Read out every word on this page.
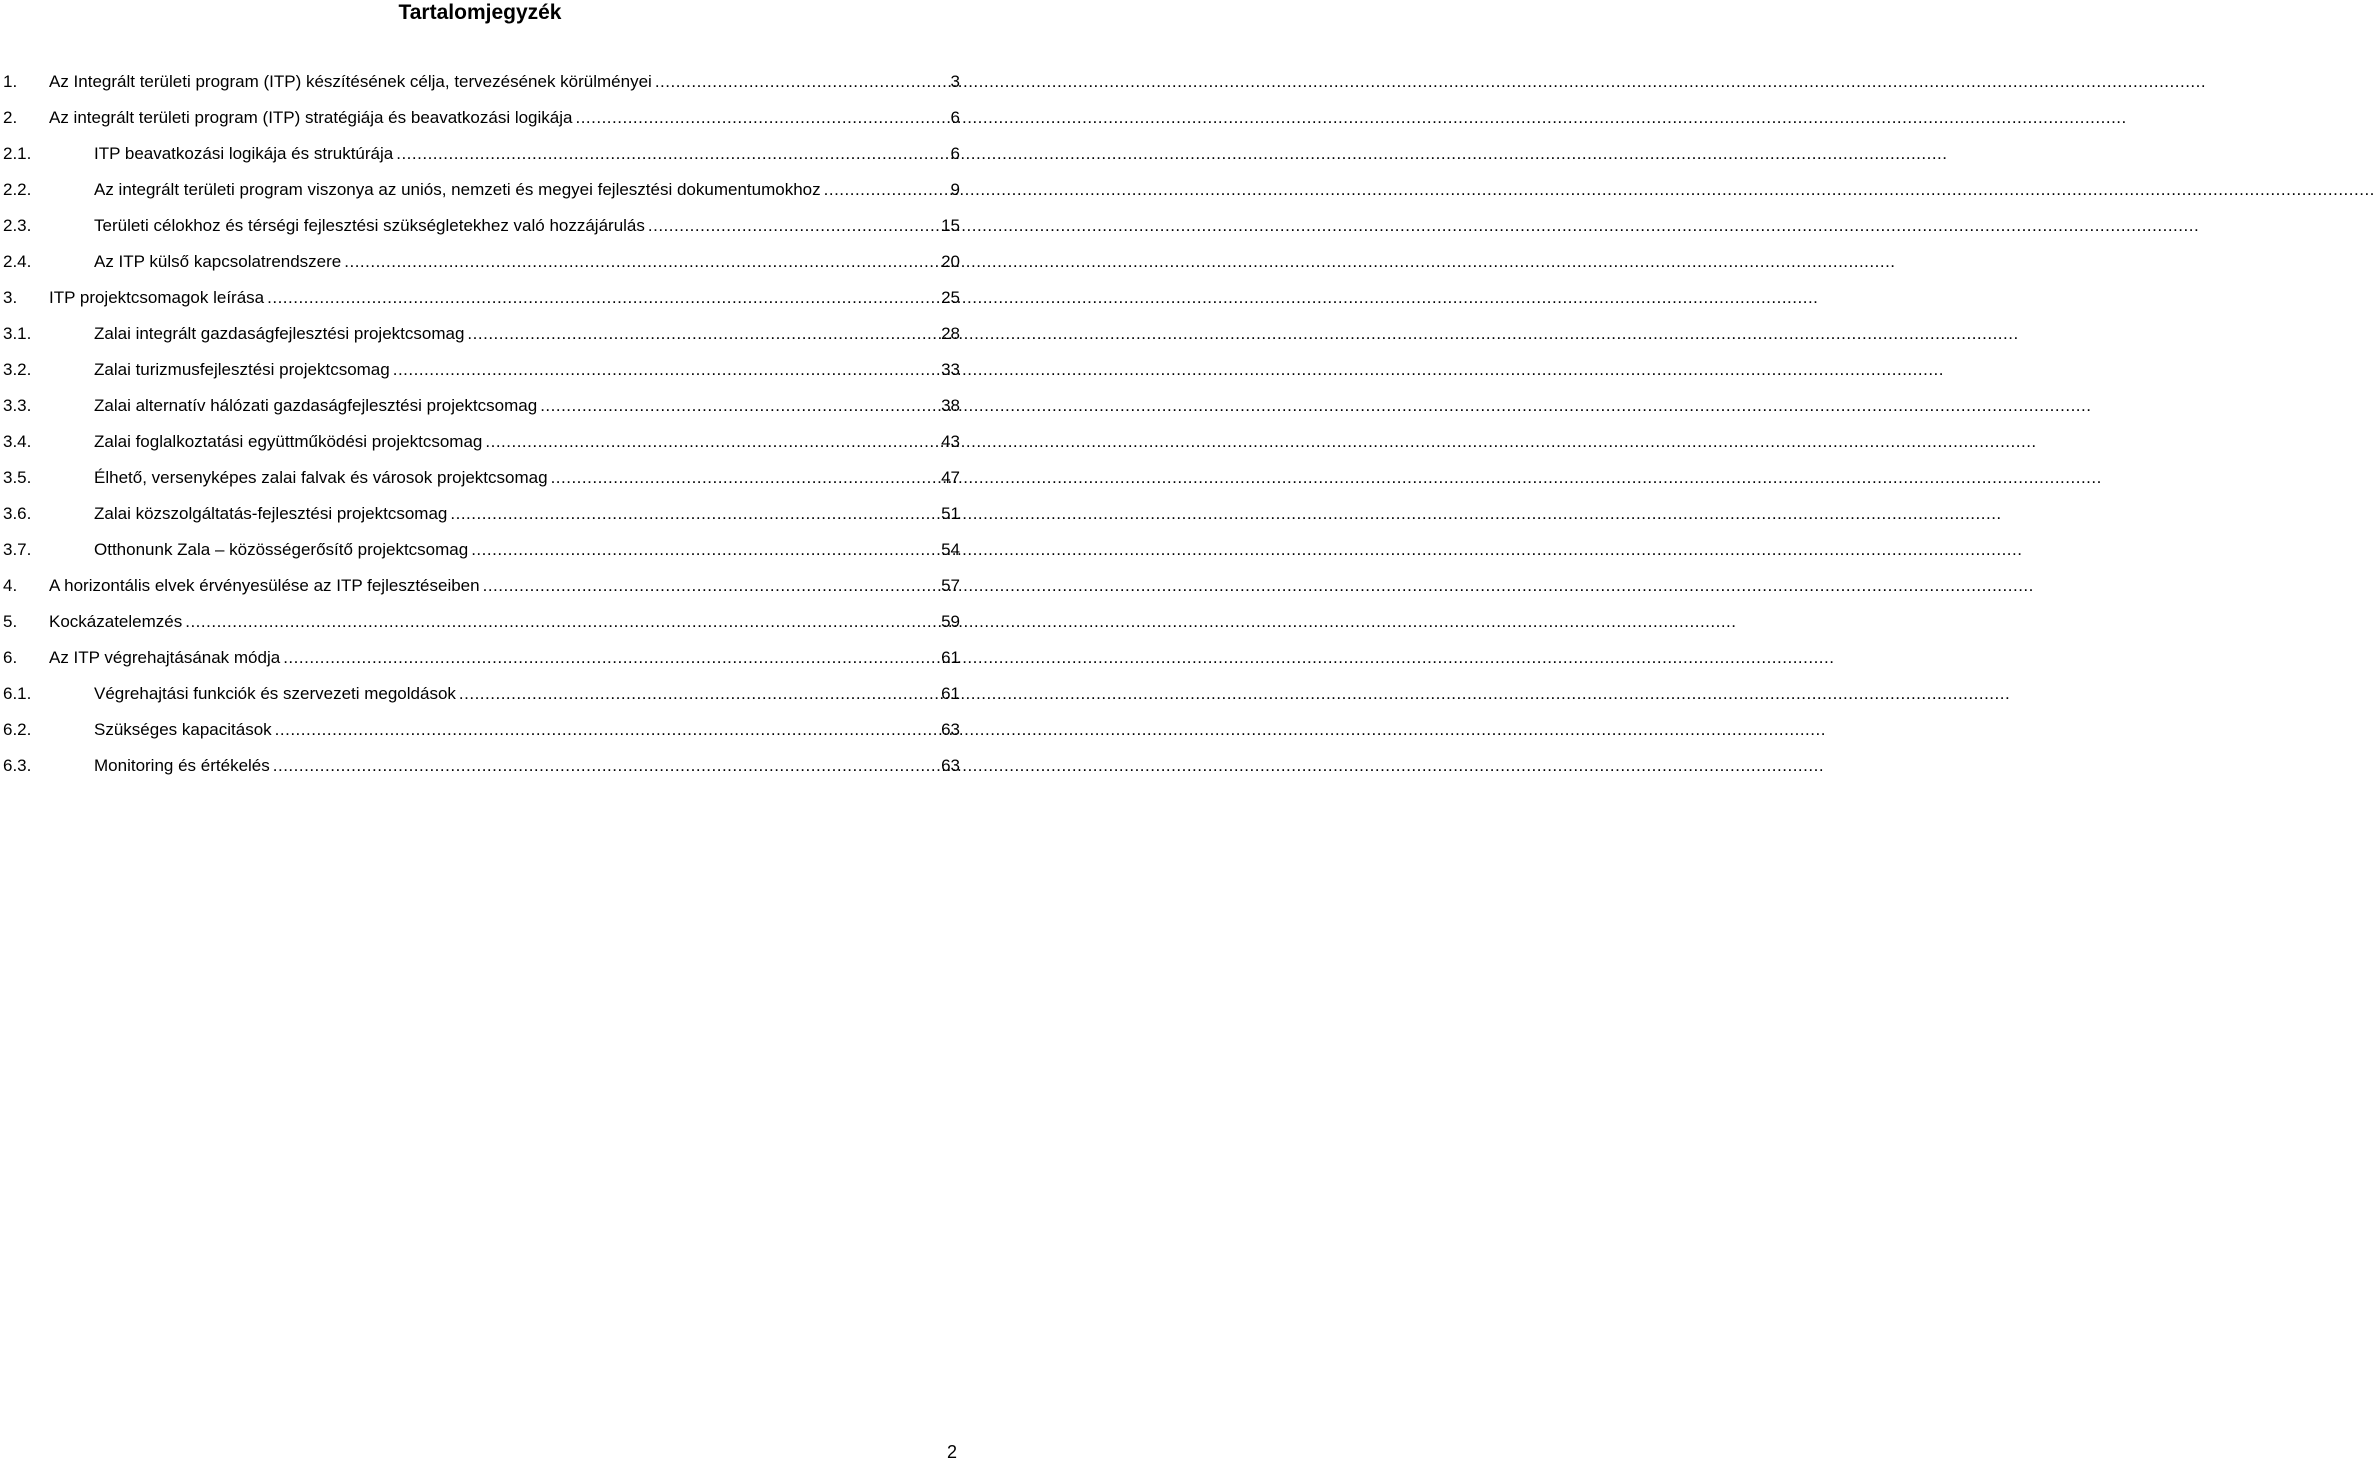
Tartalomjegyzék
1.	Az Integrált területi program (ITP) készítésének célja, tervezésének körülményei .....	3
2.	Az integrált területi program (ITP) stratégiája és beavatkozási logikája .....	6
2.1.	ITP beavatkozási logikája és struktúrája .....	6
2.2.	Az integrált területi program viszonya az uniós, nemzeti és megyei fejlesztési dokumentumokhoz .....	9
2.3.	Területi célokhoz és térségi fejlesztési szükségletekhez való hozzájárulás .....	15
2.4.	Az ITP külső kapcsolatrendszere .....	20
3.	ITP projektcsomagok leírása .....	25
3.1.	Zalai integrált gazdaságfejlesztési projektcsomag .....	28
3.2.	Zalai turizmusfejlesztési projektcsomag .....	33
3.3.	Zalai alternatív hálózati gazdaságfejlesztési projektcsomag .....	38
3.4.	Zalai foglalkoztatási együttműködési projektcsomag .....	43
3.5.	Élhető, versenyképes zalai falvak és városok projektcsomag .....	47
3.6.	Zalai közszolgáltatás-fejlesztési projektcsomag .....	51
3.7.	Otthonunk Zala – közösségerősítő projektcsomag .....	54
4.	A horizontális elvek érvényesülése az ITP fejlesztéseiben .....	57
5.	Kockázatelemzés .....	59
6.	Az ITP végrehajtásának módja .....	61
6.1.	Végrehajtási funkciók és szervezeti megoldások .....	61
6.2.	Szükséges kapacitások .....	63
6.3.	Monitoring és értékelés .....	63
2
